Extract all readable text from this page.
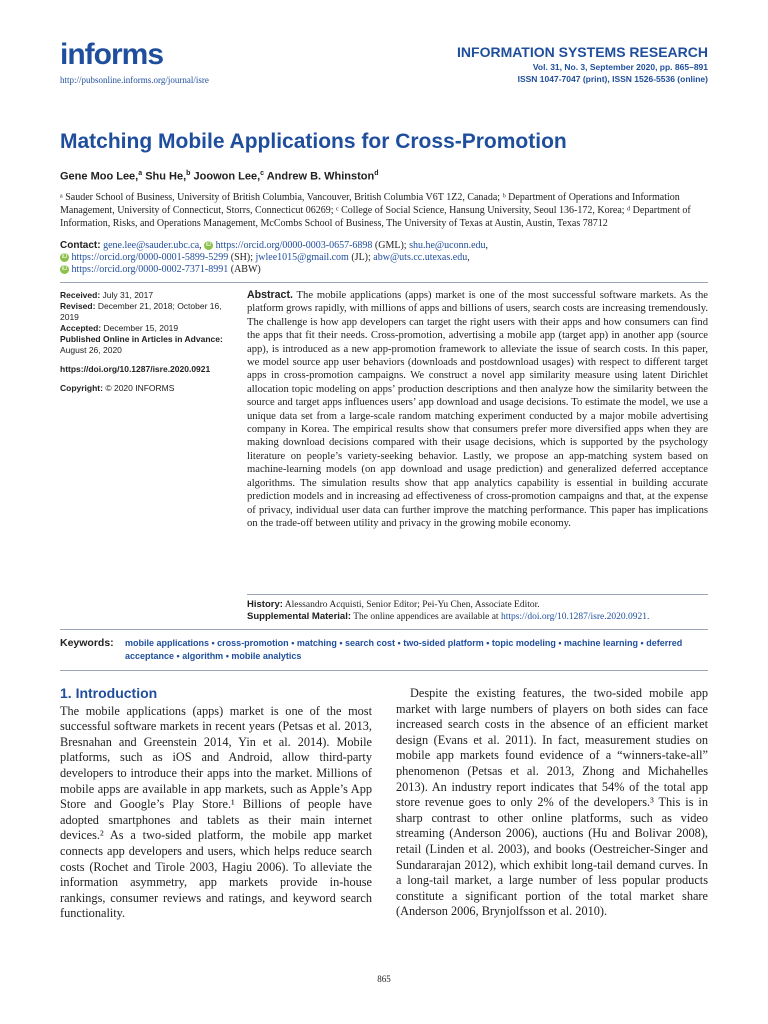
informs
http://pubsonline.informs.org/journal/isre
INFORMATION SYSTEMS RESEARCH
Vol. 31, No. 3, September 2020, pp. 865–891
ISSN 1047-7047 (print), ISSN 1526-5536 (online)
Matching Mobile Applications for Cross-Promotion
Gene Moo Lee,$^a$ Shu He,$^b$ Joowon Lee,$^c$ Andrew B. Whinston$^d$
ᵃ Sauder School of Business, University of British Columbia, Vancouver, British Columbia V6T 1Z2, Canada; ᵇ Department of Operations and Information Management, University of Connecticut, Storrs, Connecticut 06269; ᶜ College of Social Science, Hansung University, Seoul 136-172, Korea; ᵈ Department of Information, Risks, and Operations Management, McCombs School of Business, The University of Texas at Austin, Austin, Texas 78712
Contact: gene.lee@sauder.ubc.ca, iD https://orcid.org/0000-0003-0657-6898 (GML); shu.he@uconn.edu,
iD https://orcid.org/0000-0001-5899-5299 (SH); jwlee1015@gmail.com (JL); abw@uts.cc.utexas.edu,
iD https://orcid.org/0000-0002-7371-8991 (ABW)
Received: July 31, 2017
Revised: December 21, 2018; October 16, 2019
Accepted: December 15, 2019
Published Online in Articles in Advance:
August 26, 2020
https://doi.org/10.1287/isre.2020.0921
Copyright: © 2020 INFORMS
Abstract. The mobile applications (apps) market is one of the most successful software markets. As the platform grows rapidly, with millions of apps and billions of users, search costs are increasing tremendously. The challenge is how app developers can target the right users with their apps and how consumers can find the apps that fit their needs. Cross-promotion, advertising a mobile app (target app) in another app (source app), is introduced as a new app-promotion framework to alleviate the issue of search costs. In this paper, we model source app user behaviors (downloads and postdownload usages) with respect to different target apps in cross-promotion campaigns. We construct a novel app similarity measure using latent Dirichlet allocation topic modeling on apps’ production descriptions and then analyze how the similarity between the source and target apps influences users’ app download and usage decisions. To estimate the model, we use a unique data set from a large-scale random matching experiment conducted by a major mobile advertising company in Korea. The empirical results show that consumers prefer more diversified apps when they are making download decisions compared with their usage decisions, which is supported by the psychology literature on people’s variety-seeking behavior. Lastly, we propose an app-matching system based on machine-learning models (on app download and usage prediction) and generalized deferred acceptance algorithms. The simulation results show that app analytics capability is essential in building accurate prediction models and in increasing ad effectiveness of cross-promotion campaigns and that, at the expense of privacy, individual user data can further improve the matching performance. This paper has implications on the trade-off between utility and privacy in the growing mobile economy.
History: Alessandro Acquisti, Senior Editor; Pei-Yu Chen, Associate Editor.
Supplemental Material: The online appendices are available at https://doi.org/10.1287/isre.2020.0921.
Keywords: mobile applications • cross-promotion • matching • search cost • two-sided platform • topic modeling • machine learning • deferred acceptance • algorithm • mobile analytics
1. Introduction

The mobile applications (apps) market is one of the most successful software markets in recent years (Petsas et al. 2013, Bresnahan and Greenstein 2014, Yin et al. 2014). Mobile platforms, such as iOS and Android, allow third-party developers to introduce their apps into the market. Millions of mobile apps are available in app markets, such as Apple’s App Store and Google’s Play Store.¹ Billions of people have adopted smartphones and tablets as their main internet devices.² As a two-sided platform, the mobile app market connects app developers and users, which helps reduce search costs (Rochet and Tirole 2003, Hagiu 2006). To alleviate the information asymmetry, app markets provide in-house rankings, consumer reviews and ratings, and keyword search functionality.

Despite the existing features, the two-sided mobile app market with large numbers of players on both sides can face increased search costs in the absence of an efficient market design (Evans et al. 2011). In fact, measurement studies on mobile app markets found evidence of a “winners-take-all” phenomenon (Petsas et al. 2013, Zhong and Michahelles 2013). An industry report indicates that 54% of the total app store revenue goes to only 2% of the developers.³ This is in sharp contrast to other online platforms, such as video streaming (Anderson 2006), auctions (Hu and Bolivar 2008), retail (Linden et al. 2003), and books (Oestreicher-Singer and Sundararajan 2012), which exhibit long-tail demand curves. In a long-tail market, a large number of less popular products constitute a significant portion of the total market share (Anderson 2006, Brynjolfsson et al. 2010).

865
